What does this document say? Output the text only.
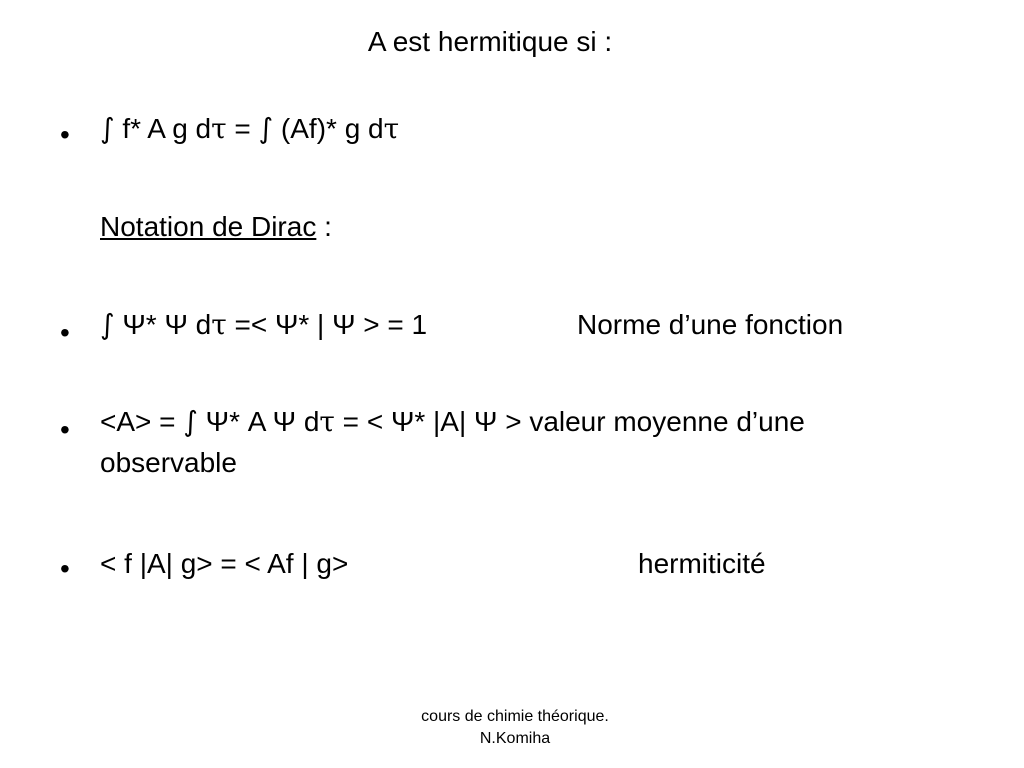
A est hermitique si :
• ∫ f* A g dτ = ∫ (Af)* g dτ
Notation de Dirac :
• ∫ Ψ* Ψ dτ =< Ψ* | Ψ > = 1	Norme d’une fonction
• <A> = ∫ Ψ* A Ψ dτ = < Ψ* |A| Ψ > valeur moyenne d’une
observable
• < f |A| g> = < Af | g>	hermiticité
cours de chimie théorique.
N.Komiha
